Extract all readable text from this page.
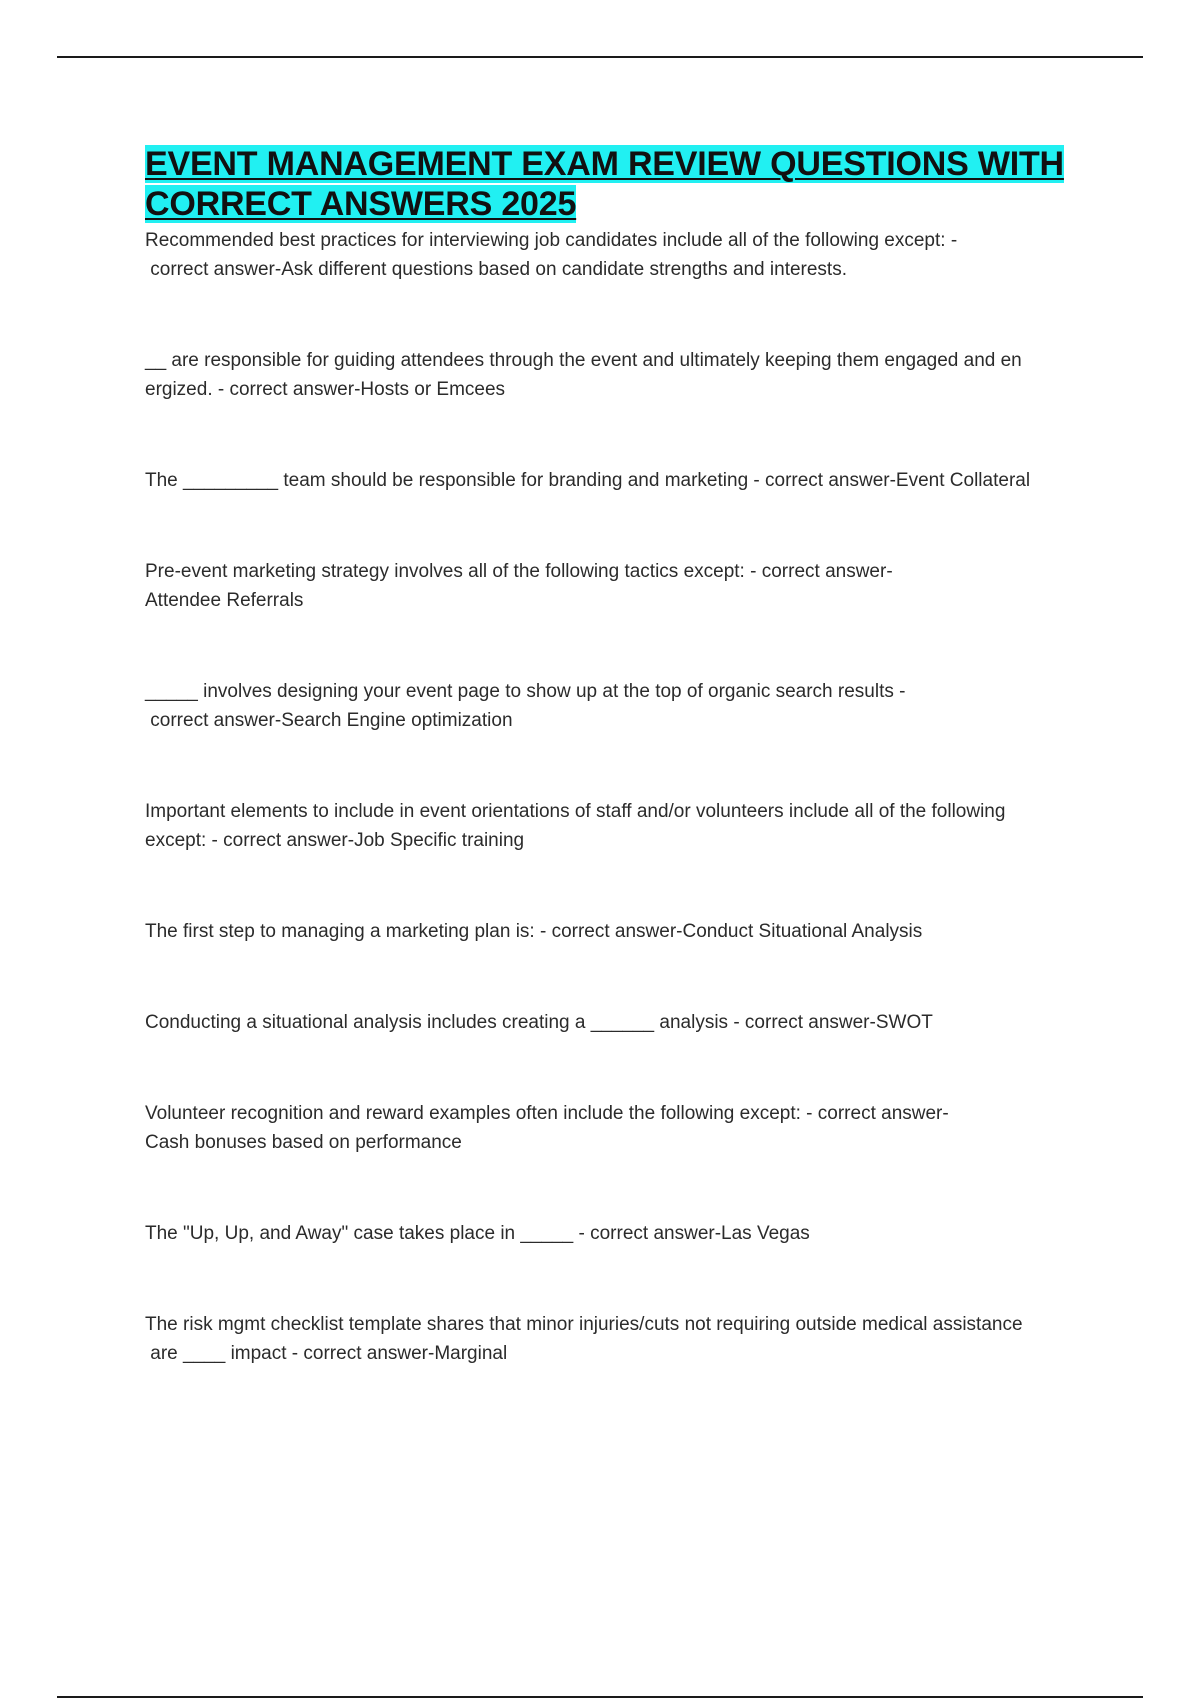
EVENT MANAGEMENT EXAM REVIEW QUESTIONS WITH CORRECT ANSWERS 2025

Recommended best practices for interviewing job candidates include all of the following except: -
correct answer-Ask different questions based on candidate strengths and interests.

__ are responsible for guiding attendees through the event and ultimately keeping them engaged and en
ergized. - correct answer-Hosts or Emcees

The _________ team should be responsible for branding and marketing - correct answer-Event Collateral

Pre-event marketing strategy involves all of the following tactics except: - correct answer-
Attendee Referrals

_____ involves designing your event page to show up at the top of organic search results -
correct answer-Search Engine optimization

Important elements to include in event orientations of staff and/or volunteers include all of the following
except: - correct answer-Job Specific training

The first step to managing a marketing plan is: - correct answer-Conduct Situational Analysis

Conducting a situational analysis includes creating a ______ analysis - correct answer-SWOT

Volunteer recognition and reward examples often include the following except: - correct answer-
Cash bonuses based on performance

The "Up, Up, and Away" case takes place in _____ - correct answer-Las Vegas

The risk mgmt checklist template shares that minor injuries/cuts not requiring outside medical assistance
are ____ impact - correct answer-Marginal
